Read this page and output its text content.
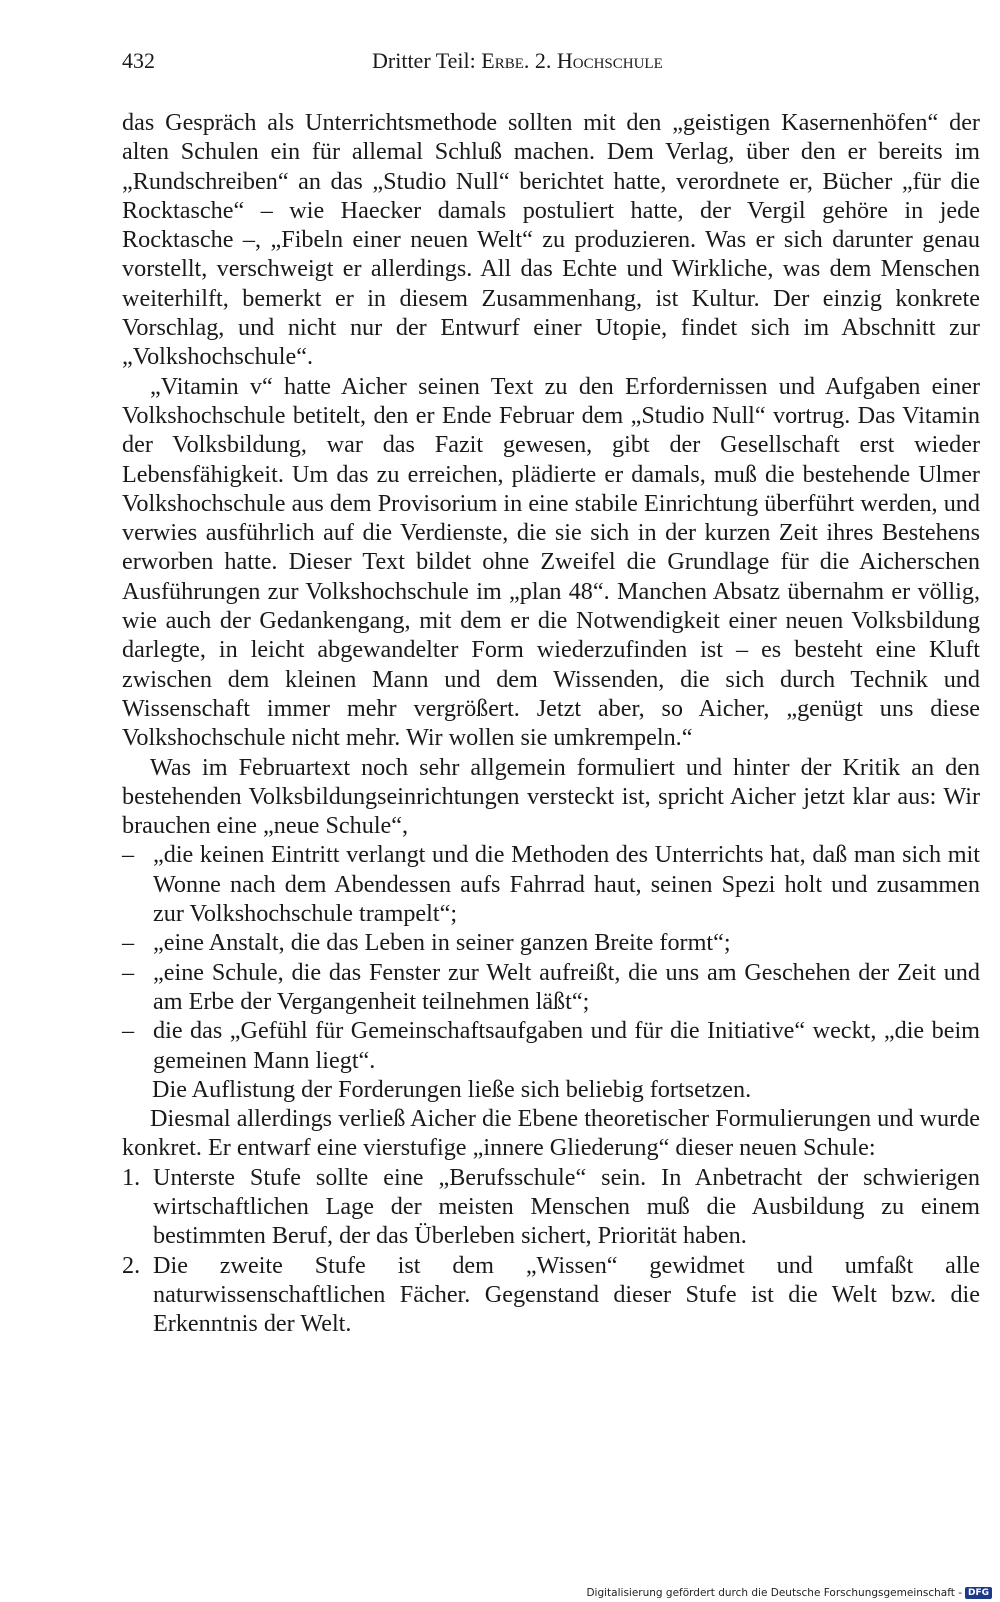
432	Dritter Teil: Erbe. 2. Hochschule

das Gespräch als Unterrichtsmethode sollten mit den „geistigen Kasernenhöfen“ der alten Schulen ein für allemal Schluß machen. Dem Verlag, über den er bereits im „Rundschreiben“ an das „Studio Null“ berichtet hatte, verordnete er, Bücher „für die Rocktasche“ – wie Haecker damals postuliert hatte, der Vergil gehöre in jede Rocktasche –, „Fibeln einer neuen Welt“ zu produzieren. Was er sich darunter genau vorstellt, verschweigt er allerdings. All das Echte und Wirkliche, was dem Menschen weiterhilft, bemerkt er in diesem Zusammenhang, ist Kultur. Der einzig konkrete Vorschlag, und nicht nur der Entwurf einer Utopie, findet sich im Abschnitt zur „Volkshochschule“.

„Vitamin v“ hatte Aicher seinen Text zu den Erfordernissen und Aufgaben einer Volkshochschule betitelt, den er Ende Februar dem „Studio Null“ vortrug. Das Vitamin der Volksbildung, war das Fazit gewesen, gibt der Gesellschaft erst wieder Lebensfähigkeit. Um das zu erreichen, plädierte er damals, muß die bestehende Ulmer Volkshochschule aus dem Provisorium in eine stabile Einrichtung überführt werden, und verwies ausführlich auf die Verdienste, die sie sich in der kurzen Zeit ihres Bestehens erworben hatte. Dieser Text bildet ohne Zweifel die Grundlage für die Aicherschen Ausführungen zur Volkshochschule im „plan 48“. Manchen Absatz übernahm er völlig, wie auch der Gedankengang, mit dem er die Notwendigkeit einer neuen Volksbildung darlegte, in leicht abgewandelter Form wiederzufinden ist – es besteht eine Kluft zwischen dem kleinen Mann und dem Wissenden, die sich durch Technik und Wissenschaft immer mehr vergrößert. Jetzt aber, so Aicher, „genügt uns diese Volkshochschule nicht mehr. Wir wollen sie umkrempeln.“

Was im Februartext noch sehr allgemein formuliert und hinter der Kritik an den bestehenden Volksbildungseinrichtungen versteckt ist, spricht Aicher jetzt klar aus: Wir brauchen eine „neue Schule“,

– „die keinen Eintritt verlangt und die Methoden des Unterrichts hat, daß man sich mit Wonne nach dem Abendessen aufs Fahrrad haut, seinen Spezi holt und zusammen zur Volkshochschule trampelt“;
– „eine Anstalt, die das Leben in seiner ganzen Breite formt“;
– „eine Schule, die das Fenster zur Welt aufreißt, die uns am Geschehen der Zeit und am Erbe der Vergangenheit teilnehmen läßt“;
– die das „Gefühl für Gemeinschaftsaufgaben und für die Initiative“ weckt, „die beim gemeinen Mann liegt“.

Die Auflistung der Forderungen ließe sich beliebig fortsetzen.

Diesmal allerdings verließ Aicher die Ebene theoretischer Formulierungen und wurde konkret. Er entwarf eine vierstufige „innere Gliederung“ dieser neuen Schule:

1. Unterste Stufe sollte eine „Berufsschule“ sein. In Anbetracht der schwierigen wirtschaftlichen Lage der meisten Menschen muß die Ausbildung zu einem bestimmten Beruf, der das Überleben sichert, Priorität haben.
2. Die zweite Stufe ist dem „Wissen“ gewidmet und umfaßt alle naturwissenschaftlichen Fächer. Gegenstand dieser Stufe ist die Welt bzw. die Erkenntnis der Welt.
Digitalisierung gefördert durch die Deutsche Forschungsgemeinschaft - DFG
